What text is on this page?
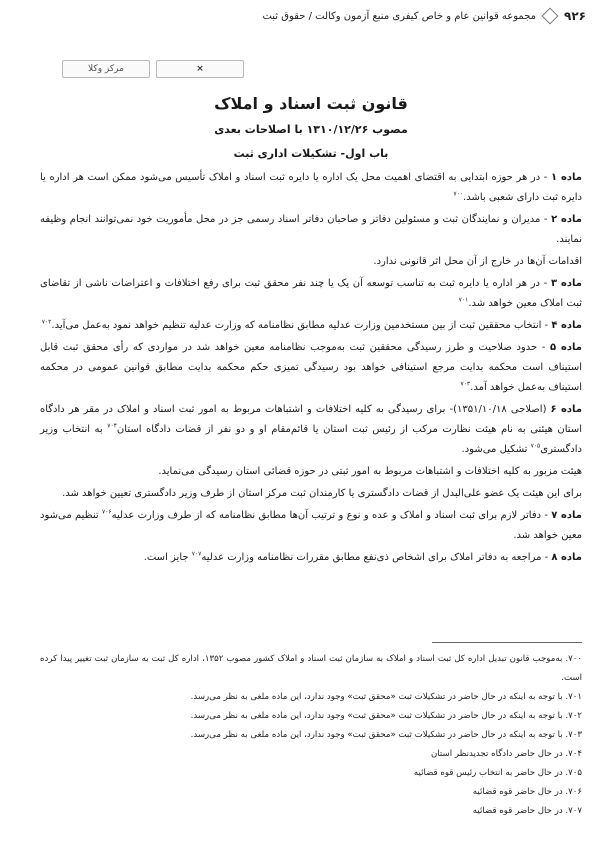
۹۲۶
مجموعه قوانین عام و خاص کیفری منبع آزمون وکالت / حقوق ثبت
مرکز وکلا	×
قانون ثبت اسناد و املاک
مصوب ۱۳۱۰/۱۲/۲۶ با اصلاحات بعدی
باب اول- تشکیلات اداری ثبت

ماده ۱ - در هر حوزه ابتدایی به اقتضای اهمیت محل یک اداره یا دایره ثبت اسناد و املاک تأسیس می‌شود ممکن است هر اداره یا دایره ثبت دارای شعبی باشد.$^{۷۰۰}$

ماده ۲ - مدیران و نمایندگان ثبت و مسئولین دفاتر و صاحبان دفاتر اسناد رسمی جز در محل مأموریت خود نمی‌توانند انجام وظیفه نمایند.

اقدامات آن‌ها در خارج از آن محل اثر قانونی ندارد.

ماده ۳ - در هر اداره یا دایره ثبت به تناسب توسعه آن یک یا چند نفر محقق ثبت برای رفع اختلافات و اعتراضات ناشی از تقاضای ثبت املاک معین خواهد شد.$^{۷۰۱}$

ماده ۴ - انتخاب محققین ثبت از بین مستخدمین وزارت عدلیه مطابق نظامنامه که وزارت عدلیه تنظیم خواهد نمود به‌عمل می‌آید.$^{۷۰۲}$

ماده ۵ - حدود صلاحیت و طرز رسیدگی محققین ثبت به‌موجب نظامنامه معین خواهد شد در مواردی که رأی محقق ثبت قابل استیناف است محکمه بدایت مرجع استینافی خواهد بود رسیدگی تمیزی حکم محکمه بدایت مطابق قوانین عمومی در محکمه استیناف به‌عمل خواهد آمد.$^{۷۰۳}$

ماده ۶ (اصلاحی ۱۳۵۱/۱۰/۱۸)- برای رسیدگی به کلیه اختلافات و اشتباهات مربوط به امور ثبت اسناد و املاک در مقر هر دادگاه استان هیئتی به نام هیئت نظارت مرکب از رئیس ثبت استان یا قائم‌مقام او و دو نفر از قضات دادگاه استان$^{۷۰۴}$ به انتخاب وزیر دادگستری$^{۷۰۵}$ تشکیل می‌شود.

هیئت مزبور به کلیه اختلافات و اشتباهات مربوط به امور ثبتی در حوزه قضائی استان رسیدگی می‌نماید.

برای این هیئت یک عضو علی‌البدل از قضات دادگستری یا کارمندان ثبت مرکز استان از طرف وزیر دادگستری تعیین خواهد شد.

ماده ۷ - دفاتر لازم برای ثبت اسناد و املاک و عده و نوع و ترتیب آن‌ها مطابق نظامنامه که از طرف وزارت عدلیه$^{۷۰۶}$ تنظیم می‌شود معین خواهد شد.

ماده ۸ - مراجعه به دفاتر املاک برای اشخاص ذی‌نفع مطابق مقررات نظامنامه وزارت عدلیه$^{۷۰۷}$ جایز است.

۷۰۰. به‌موجب قانون تبدیل اداره کل ثبت اسناد و املاک به سازمان ثبت اسناد و املاک کشور مصوب ۱۳۵۲، اداره کل ثبت به سازمان ثبت تغییر پیدا کرده است.

۷۰۱. با توجه به اینکه در حال حاضر در تشکیلات ثبت «محقق ثبت» وجود ندارد، این ماده ملغی به نظر می‌رسد.

۷۰۲. با توجه به اینکه در حال حاضر در تشکیلات ثبت «محقق ثبت» وجود ندارد، این ماده ملغی به نظر می‌رسد.

۷۰۳. با توجه به اینکه در حال حاضر در تشکیلات ثبت «محقق ثبت» وجود ندارد، این ماده ملغی به نظر می‌رسد.

۷۰۴. در حال حاضر دادگاه تجدیدنظر استان

۷۰۵. در حال حاضر به انتخاب رئیس قوه قضائیه

۷۰۶. در حال حاضر قوه قضائیه

۷۰۷. در حال حاضر قوه قضائیه
